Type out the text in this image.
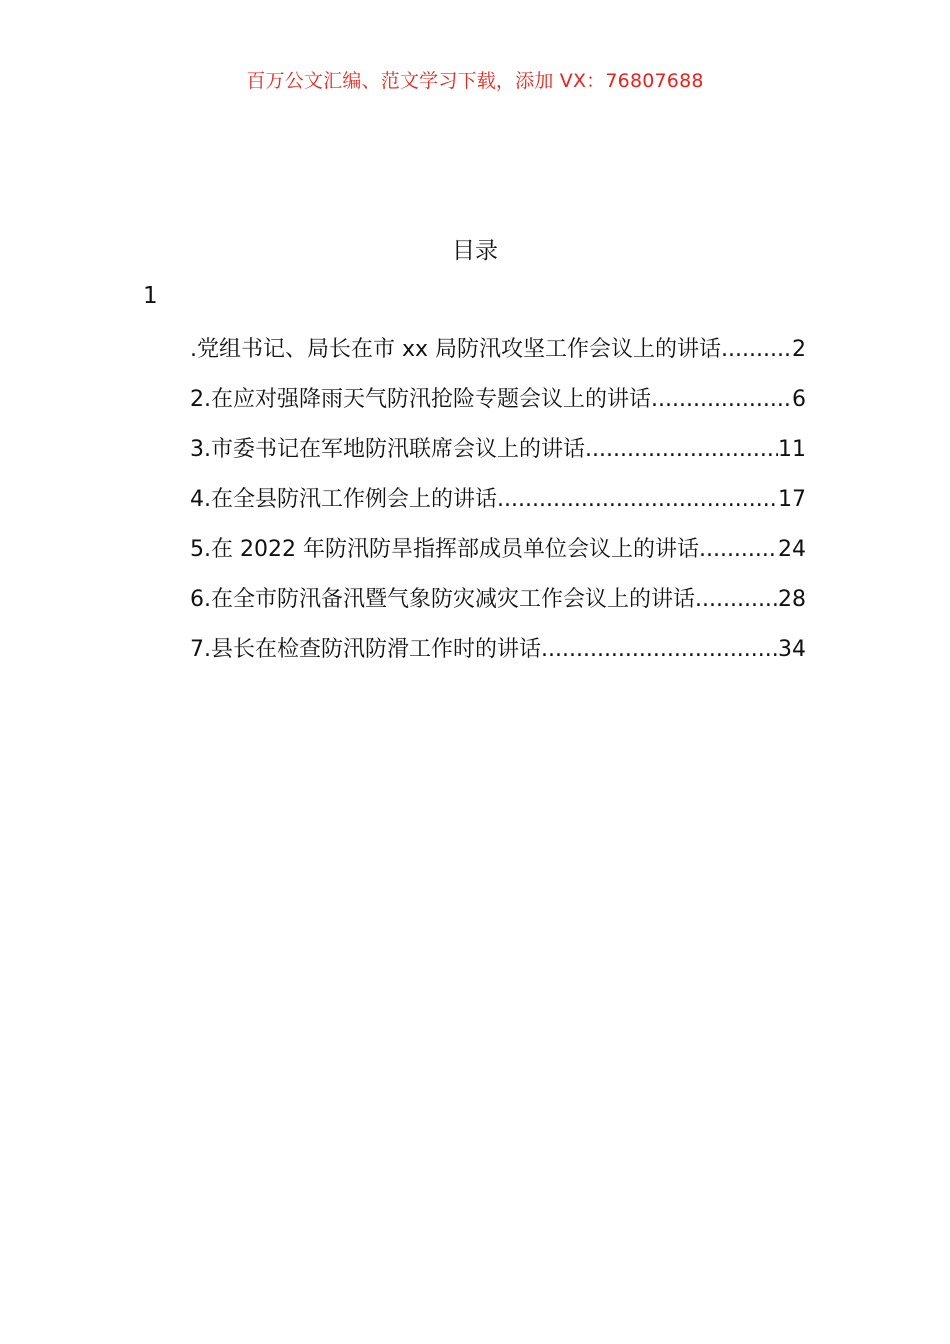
百万公文汇编、范文学习下载，添加 VX：76807688
目录
1
.党组书记、局长在市 xx 局防汛攻坚工作会议上的讲话 .....	2
2.在应对强降雨天气防汛抢险专题会议上的讲话 .....	6
3.市委书记在军地防汛联席会议上的讲话 .....	11
4.在全县防汛工作例会上的讲话 .....	17
5.在 2022 年防汛防旱指挥部成员单位会议上的讲话 .....	24
6.在全市防汛备汛暨气象防灾减灾工作会议上的讲话 .....	28
7.县长在检查防汛防滑工作时的讲话 .....	34
